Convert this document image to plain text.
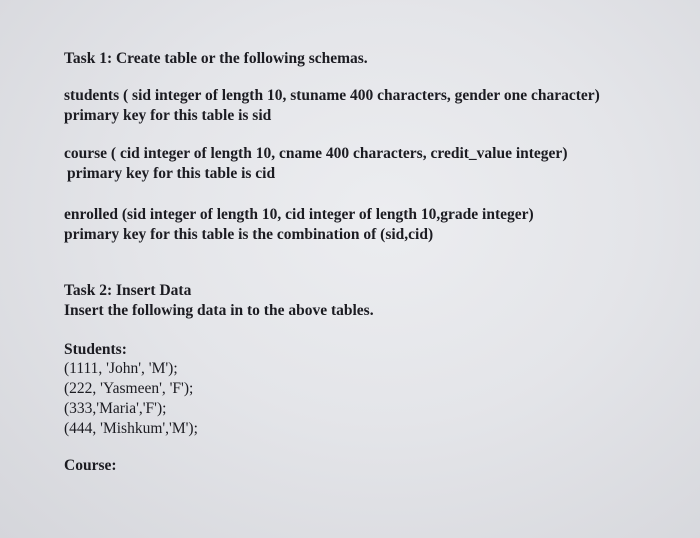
Task 1: Create table or the following schemas.
students ( sid integer of length 10, stuname 400 characters, gender one character)
primary key for this table is sid
course ( cid integer of length 10, cname 400 characters, credit_value integer)
primary key for this table is cid
enrolled (sid integer of length 10, cid integer of length 10,grade integer)
primary key for this table is the combination of (sid,cid)
Task 2: Insert Data
Insert the following data in to the above tables.
Students:
(1111, 'John', 'M');
(222, 'Yasmeen', 'F');
(333,'Maria','F');
(444, 'Mishkum','M');
Course:
